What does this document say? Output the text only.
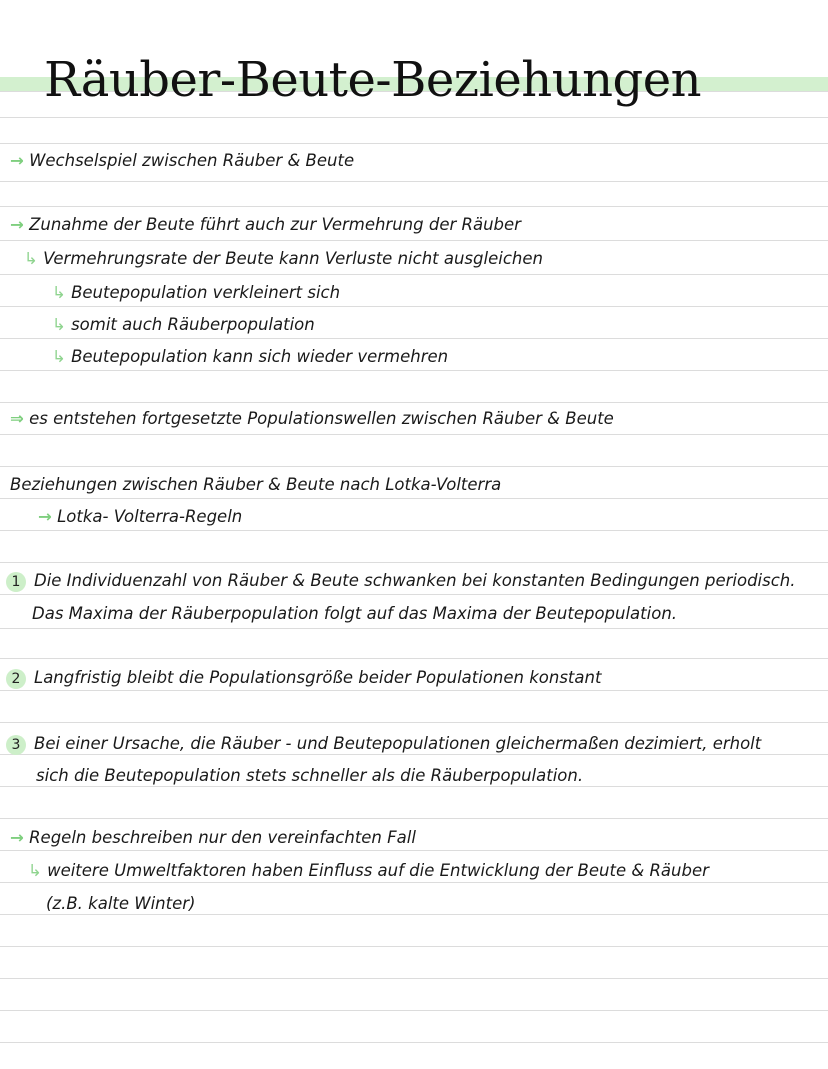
Räuber-Beute-Beziehungen
→ Wechselspiel zwischen Räuber & Beute
→ Zunahme der Beute führt auch zur Vermehrung der Räuber
↳ Vermehrungsrate der Beute kann Verluste nicht ausgleichen
↳ Beutepopulation verkleinert sich
↳ somit auch Räuberpopulation
↳ Beutepopulation kann sich wieder vermehren
⇒ es entstehen fortgesetzte Populationswellen zwischen Räuber & Beute
Beziehungen zwischen Räuber & Beute nach Lotka-Volterra
→ Lotka- Volterra-Regeln
1 Die Individuenzahl von Räuber & Beute schwanken bei konstanten Bedingungen periodisch.
Das Maxima der Räuberpopulation folgt auf das Maxima der Beutepopulation.
2 Langfristig bleibt die Populationsgröße beider Populationen konstant
3 Bei einer Ursache, die Räuber - und Beutepopulationen gleichermaßen dezimiert, erholt
sich die Beutepopulation stets schneller als die Räuberpopulation.
→ Regeln beschreiben nur den vereinfachten Fall
↳ weitere Umweltfaktoren haben Einfluss auf die Entwicklung der Beute & Räuber
(z.B. kalte Winter)
